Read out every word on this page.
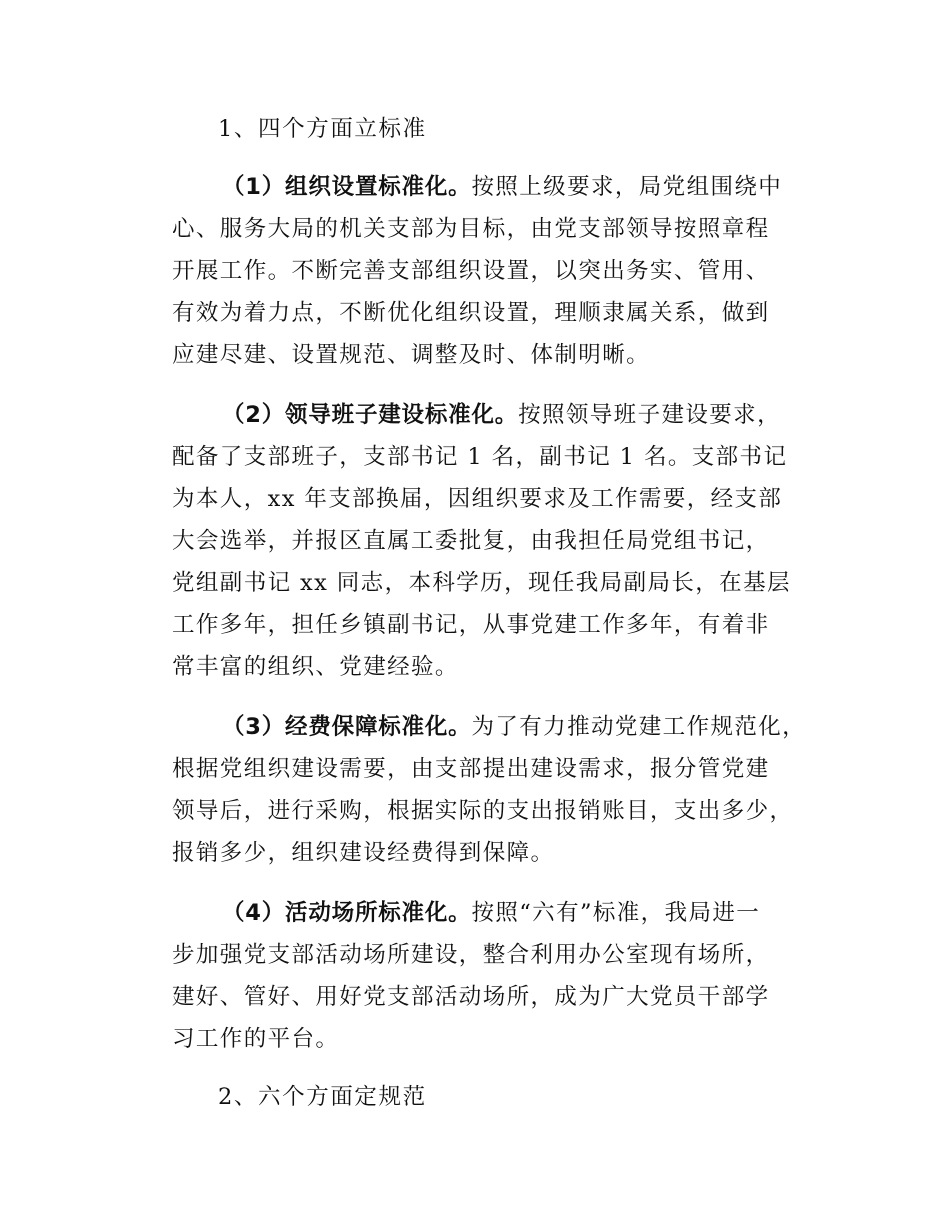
1、四个方面立标准
（1）组织设置标准化。按照上级要求，局党组围绕中
心、服务大局的机关支部为目标，由党支部领导按照章程
开展工作。不断完善支部组织设置，以突出务实、管用、
有效为着力点，不断优化组织设置，理顺隶属关系，做到
应建尽建、设置规范、调整及时、体制明晰。
（2）领导班子建设标准化。按照领导班子建设要求，
配备了支部班子，支部书记 1 名，副书记 1 名。支部书记
为本人，xx 年支部换届，因组织要求及工作需要，经支部
大会选举，并报区直属工委批复，由我担任局党组书记，
党组副书记 xx 同志，本科学历，现任我局副局长，在基层
工作多年，担任乡镇副书记，从事党建工作多年，有着非
常丰富的组织、党建经验。
（3）经费保障标准化。为了有力推动党建工作规范化，
根据党组织建设需要，由支部提出建设需求，报分管党建
领导后，进行采购，根据实际的支出报销账目，支出多少，
报销多少，组织建设经费得到保障。
（4）活动场所标准化。按照“六有”标准，我局进一
步加强党支部活动场所建设，整合利用办公室现有场所，
建好、管好、用好党支部活动场所，成为广大党员干部学
习工作的平台。
2、六个方面定规范
